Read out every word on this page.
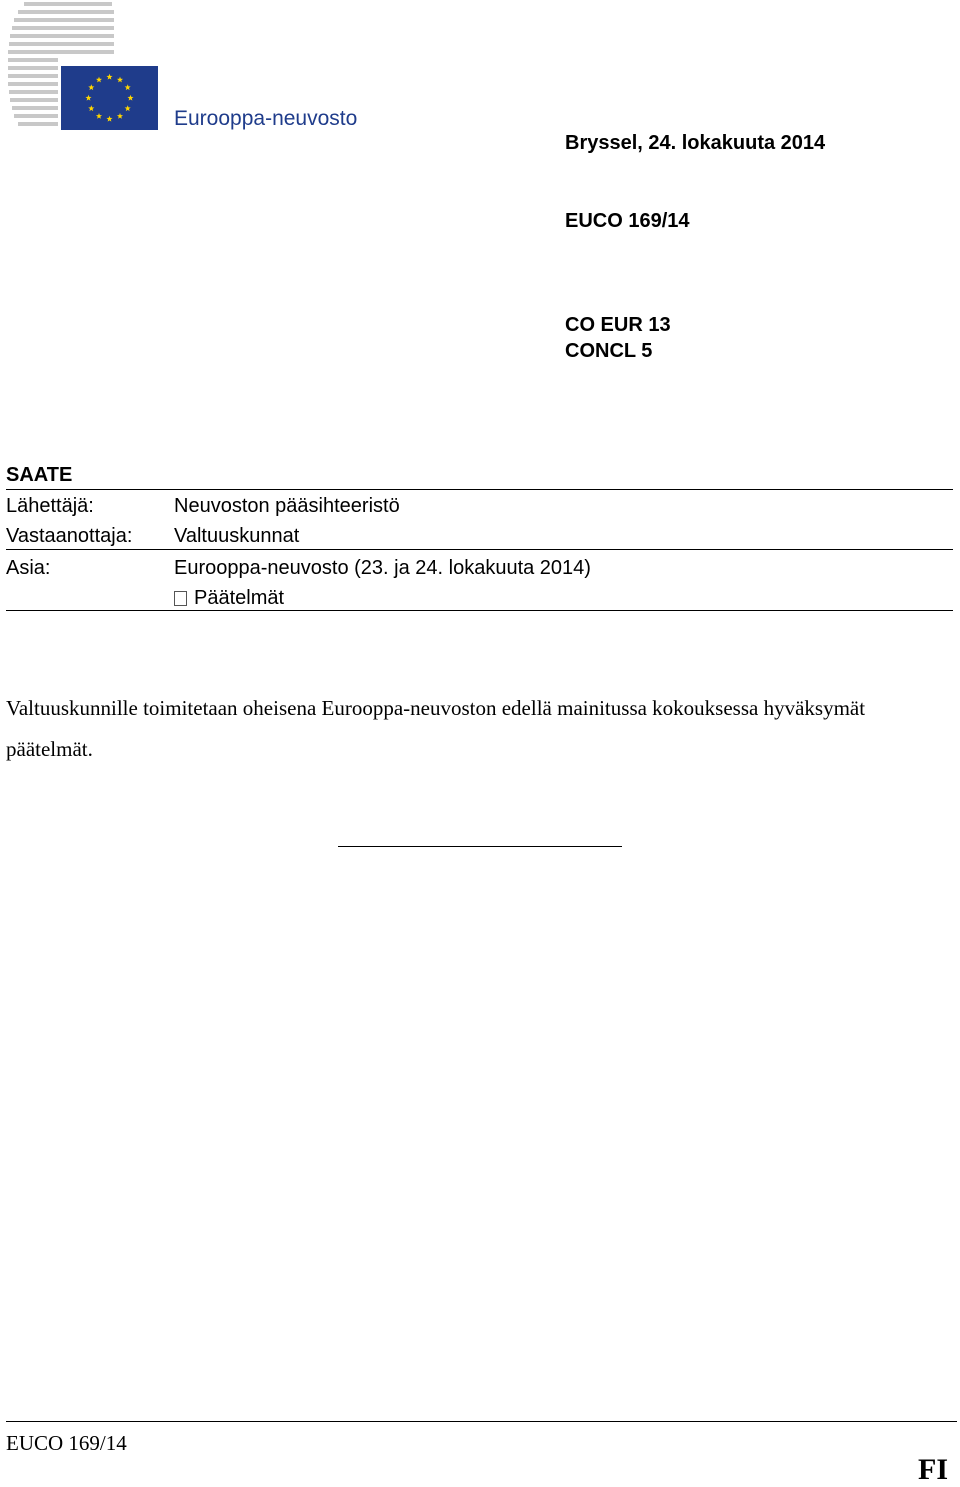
Eurooppa-neuvosto
Bryssel, 24. lokakuuta 2014
EUCO 169/14
CO EUR 13
CONCL 5
SAATE
Lähettäjä:	Neuvoston pääsihteeristö
Vastaanottaja: Valtuuskunnat
Asia:	Eurooppa-neuvosto (23. ja 24. lokakuuta 2014)
Päätelmät
Valtuuskunnille toimitetaan oheisena Eurooppa-neuvoston edellä mainitussa kokouksessa hyväksymät päätelmät.
EUCO 169/14
FI
